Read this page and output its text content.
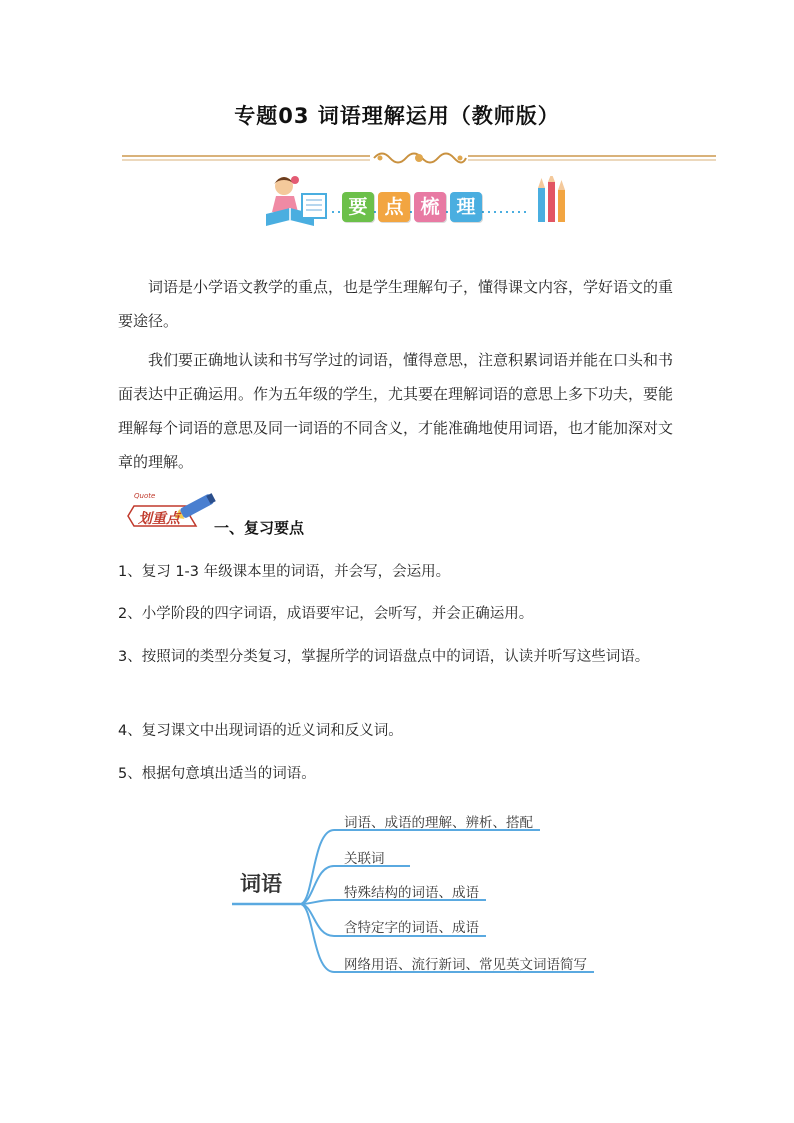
专题03 词语理解运用（教师版）
要 点 梳 理

词语是小学语文教学的重点，也是学生理解句子，懂得课文内容，学好语文的重要途径。

我们要正确地认读和书写学过的词语，懂得意思，注意积累词语并能在口头和书面表达中正确运用。作为五年级的学生，尤其要在理解词语的意思上多下功夫，要能理解每个词语的意思及同一词语的不同含义，才能准确地使用词语，也才能加深对文章的理解。

Quote
划重点 一、复习要点

1、复习 1-3 年级课本里的词语，并会写，会运用。

2、小学阶段的四字词语，成语要牢记，会听写，并会正确运用。

3、按照词的类型分类复习，掌握所学的词语盘点中的词语，认读并听写这些词语。

4、复习课文中出现词语的近义词和反义词。

5、根据句意填出适当的词语。

词语
词语、成语的理解、辨析、搭配
关联词
特殊结构的词语、成语
含特定字的词语、成语
网络用语、流行新词、常见英文词语简写
